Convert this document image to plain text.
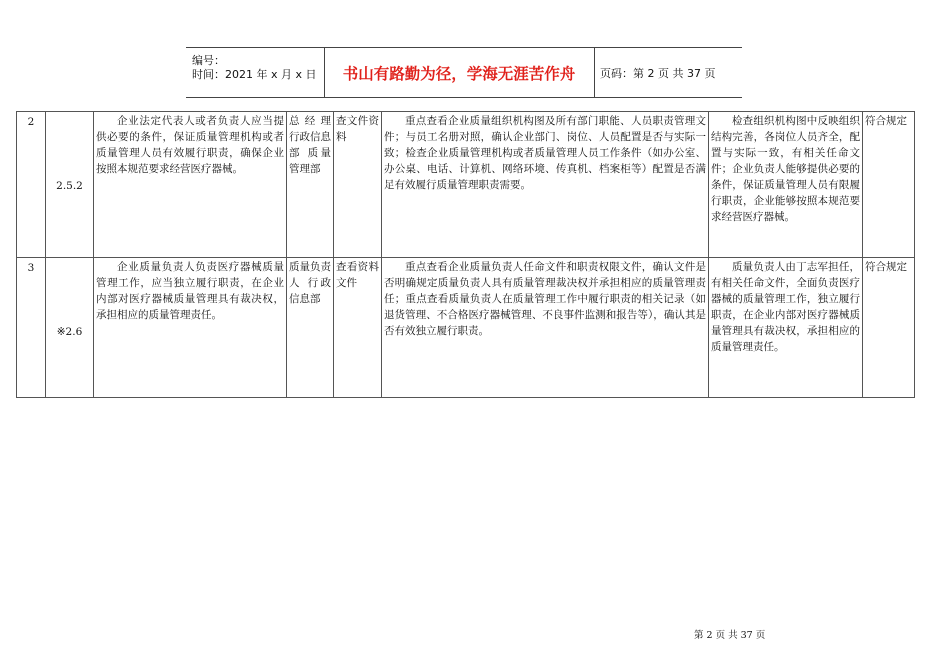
编号：
时间：2021 年 x 月 x 日	书山有路勤为径，学海无涯苦作舟	页码：第 2 页 共 37 页
2	2.5.2	企业法定代表人或者负责人应当提供必要的条件，保证质量管理机构或者质量管理人员有效履行职责，确保企业按照本规范要求经营医疗器械。	总经理 行政信息部 质量管理部	查文件资料	重点查看企业质量组织机构图及所有部门职能、人员职责管理文件；与员工名册对照，确认企业部门、岗位、人员配置是否与实际一致；检查企业质量管理机构或者质量管理人员工作条件（如办公室、办公桌、电话、计算机、网络环境、传真机、档案柜等）配置是否满足有效履行质量管理职责需要。	检查组织机构图中反映组织结构完善，各岗位人员齐全，配置与实际一致，有相关任命文件；企业负责人能够提供必要的条件，保证质量管理人员有限履行职责，企业能够按照本规范要求经营医疗器械。	符合规定
3	※2.6	企业质量负责人负责医疗器械质量管理工作，应当独立履行职责，在企业内部对医疗器械质量管理具有裁决权，承担相应的质量管理责任。	质量负责人 行政信息部	查看资料文件	重点查看企业质量负责人任命文件和职责权限文件，确认文件是否明确规定质量负责人具有质量管理裁决权并承担相应的质量管理责任；重点查看质量负责人在质量管理工作中履行职责的相关记录（如退货管理、不合格医疗器械管理、不良事件监测和报告等），确认其是否有效独立履行职责。	质量负责人由丁志军担任，有相关任命文件，全面负责医疗器械的质量管理工作，独立履行职责，在企业内部对医疗器械质量管理具有裁决权，承担相应的质量管理责任。	符合规定
第 2 页 共 37 页
